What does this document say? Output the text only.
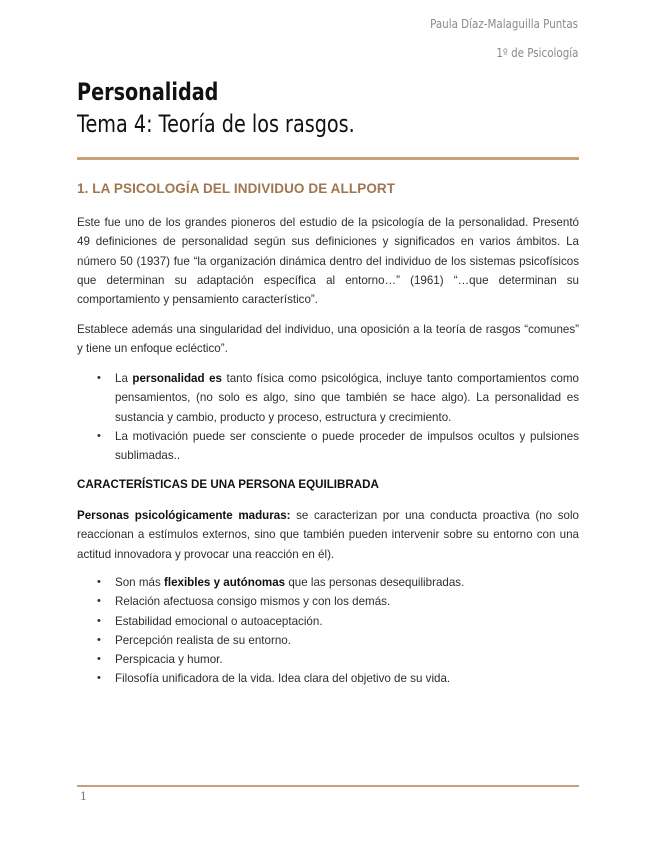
Paula Díaz-Malaguilla Puntas
1º de Psicología
Personalidad
Tema 4: Teoría de los rasgos.
1. LA PSICOLOGÍA DEL INDIVIDUO DE ALLPORT

Este fue uno de los grandes pioneros del estudio de la psicología de la personalidad. Presentó 49 definiciones de personalidad según sus definiciones y significados en varios ámbitos. La número 50 (1937) fue “la organización dinámica dentro del individuo de los sistemas psicofísicos que determinan su adaptación específica al entorno…” (1961) “…que determinan su comportamiento y pensamiento característico”.

Establece además una singularidad del individuo, una oposición a la teoría de rasgos “comunes” y tiene un enfoque ecléctico”.

• La personalidad es tanto física como psicológica, incluye tanto comportamientos como pensamientos, (no solo es algo, sino que también se hace algo). La personalidad es sustancia y cambio, producto y proceso, estructura y crecimiento.
• La motivación puede ser consciente o puede proceder de impulsos ocultos y pulsiones sublimadas..
CARACTERÍSTICAS DE UNA PERSONA EQUILIBRADA

Personas psicológicamente maduras: se caracterizan por una conducta proactiva (no solo reaccionan a estímulos externos, sino que también pueden intervenir sobre su entorno con una actitud innovadora y provocar una reacción en él).

• Son más flexibles y autónomas que las personas desequilibradas.
• Relación afectuosa consigo mismos y con los demás.
• Estabilidad emocional o autoaceptación.
• Percepción realista de su entorno.
• Perspicacia y humor.
• Filosofía unificadora de la vida. Idea clara del objetivo de su vida.
1
